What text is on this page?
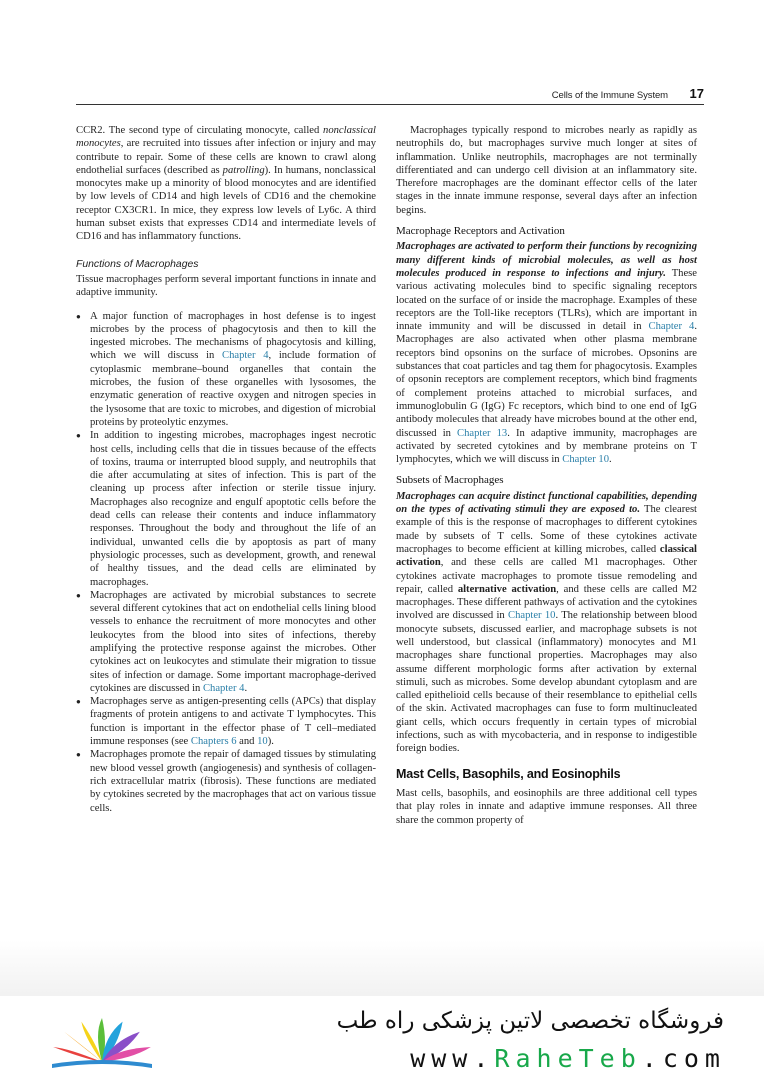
Cells of the Immune System 17

CCR2. The second type of circulating monocyte, called nonclassical monocytes, are recruited into tissues after infection or injury and may contribute to repair. Some of these cells are known to crawl along endothelial surfaces (described as patrolling). In humans, nonclassical monocytes make up a minority of blood monocytes and are identified by low levels of CD14 and high levels of CD16 and the chemokine receptor CX3CR1. In mice, they express low levels of Ly6c. A third human subset exists that expresses CD14 and intermediate levels of CD16 and has inflammatory functions.

Functions of Macrophages

Tissue macrophages perform several important functions in innate and adaptive immunity.

● A major function of macrophages in host defense is to ingest microbes by the process of phagocytosis and then to kill the ingested microbes. The mechanisms of phagocytosis and killing, which we will discuss in Chapter 4, include formation of cytoplasmic membrane–bound organelles that contain the microbes, the fusion of these organelles with lysosomes, the enzymatic generation of reactive oxygen and nitrogen species in the lysosome that are toxic to microbes, and digestion of microbial proteins by proteolytic enzymes.
● In addition to ingesting microbes, macrophages ingest necrotic host cells, including cells that die in tissues because of the effects of toxins, trauma or interrupted blood supply, and neutrophils that die after accumulating at sites of infection. This is part of the cleaning up process after infection or sterile tissue injury. Macrophages also recognize and engulf apoptotic cells before the dead cells can release their contents and induce inflammatory responses. Throughout the body and throughout the life of an individual, unwanted cells die by apoptosis as part of many physiologic processes, such as development, growth, and renewal of healthy tissues, and the dead cells are eliminated by macrophages.
● Macrophages are activated by microbial substances to secrete several different cytokines that act on endothelial cells lining blood vessels to enhance the recruitment of more monocytes and other leukocytes from the blood into sites of infections, thereby amplifying the protective response against the microbes. Other cytokines act on leukocytes and stimulate their migration to tissue sites of infection or damage. Some important macrophage-derived cytokines are discussed in Chapter 4.
● Macrophages serve as antigen-presenting cells (APCs) that display fragments of protein antigens to and activate T lymphocytes. This function is important in the effector phase of T cell–mediated immune responses (see Chapters 6 and 10).
● Macrophages promote the repair of damaged tissues by stimulating new blood vessel growth (angiogenesis) and synthesis of collagen-rich extracellular matrix (fibrosis). These functions are mediated by cytokines secreted by the macrophages that act on various tissue cells.

Macrophages typically respond to microbes nearly as rapidly as neutrophils do, but macrophages survive much longer at sites of inflammation. Unlike neutrophils, macrophages are not terminally differentiated and can undergo cell division at an inflammatory site. Therefore macrophages are the dominant effector cells of the later stages in the innate immune response, several days after an infection begins.

Macrophage Receptors and Activation

Macrophages are activated to perform their functions by recognizing many different kinds of microbial molecules, as well as host molecules produced in response to infections and injury. These various activating molecules bind to specific signaling receptors located on the surface of or inside the macrophage. Examples of these receptors are the Toll-like receptors (TLRs), which are important in innate immunity and will be discussed in detail in Chapter 4. Macrophages are also activated when other plasma membrane receptors bind opsonins on the surface of microbes. Opsonins are substances that coat particles and tag them for phagocytosis. Examples of opsonin receptors are complement receptors, which bind fragments of complement proteins attached to microbial surfaces, and immunoglobulin G (IgG) Fc receptors, which bind to one end of IgG antibody molecules that already have microbes bound at the other end, discussed in Chapter 13. In adaptive immunity, macrophages are activated by secreted cytokines and by membrane proteins on T lymphocytes, which we will discuss in Chapter 10.

Subsets of Macrophages

Macrophages can acquire distinct functional capabilities, depending on the types of activating stimuli they are exposed to. The clearest example of this is the response of macrophages to different cytokines made by subsets of T cells. Some of these cytokines activate macrophages to become efficient at killing microbes, called classical activation, and these cells are called M1 macrophages. Other cytokines activate macrophages to promote tissue remodeling and repair, called alternative activation, and these cells are called M2 macrophages. These different pathways of activation and the cytokines involved are discussed in Chapter 10. The relationship between blood monocyte subsets, discussed earlier, and macrophage subsets is not well understood, but classical (inflammatory) monocytes and M1 macrophages share functional properties. Macrophages may also assume different morphologic forms after activation by external stimuli, such as microbes. Some develop abundant cytoplasm and are called epithelioid cells because of their resemblance to epithelial cells of the skin. Activated macrophages can fuse to form multinucleated giant cells, which occurs frequently in certain types of microbial infections, such as with mycobacteria, and in response to indigestible foreign bodies.

Mast Cells, Basophils, and Eosinophils

Mast cells, basophils, and eosinophils are three additional cell types that play roles in innate and adaptive immune responses. All three share the common property of

فروشگاه تخصصی لاتین پزشکی راه طب
www.RaheTeb.com
